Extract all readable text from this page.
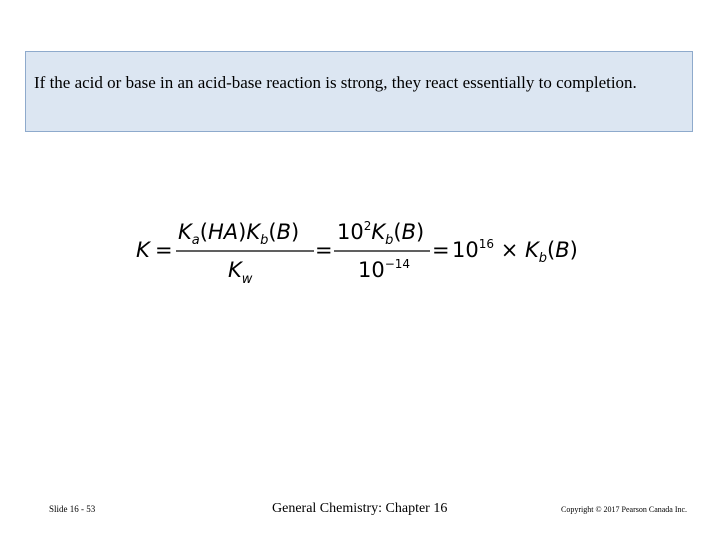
If the acid or base in an acid-base reaction is strong, they react essentially to completion.
K =
$K_a(HA)K_b(B)$
$K_w$
=
$10^2K_b(B)$
$10^{-14}$
= $10^{16} \times K_b(B)$
Slide 16 - 53	General Chemistry: Chapter 16	Copyright © 2017 Pearson Canada Inc.
